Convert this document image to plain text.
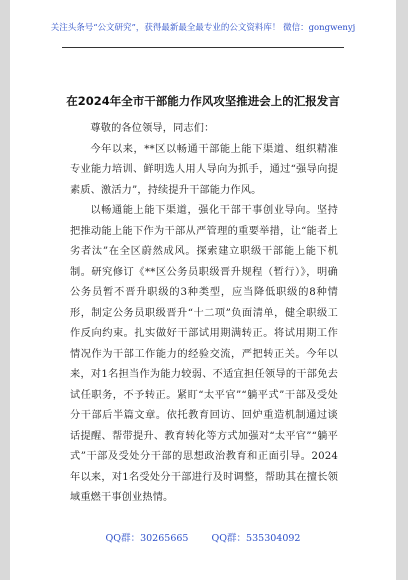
关注头条号“公文研究”，获得最新最全最专业的公文资料库！ 微信：gongwenyj
在2024年全市干部能力作风攻坚推进会上的汇报发言

尊敬的各位领导，同志们：

今年以来，**区以畅通干部能上能下渠道、组织精准专业能力培训、鲜明选人用人导向为抓手，通过“强导向提素质、激活力”，持续提升干部能力作风。

以畅通能上能下渠道，强化干部干事创业导向。坚持把推动能上能下作为干部从严管理的重要举措，让“能者上劣者汰”在全区蔚然成风。探索建立职级干部能上能下机制。研究修订《**区公务员职级晋升规程（暂行）》，明确公务员暂不晋升职级的3种类型，应当降低职级的8种情形，制定公务员职级晋升“十二项”负面清单，健全职级工作反向约束。扎实做好干部试用期满转正。将试用期工作情况作为干部工作能力的经验交流，严把转正关。今年以来，对1名担当作为能力较弱、不适宜担任领导的干部免去试任职务，不予转正。紧盯“太平官”“躺平式”干部及受处分干部后半篇文章。依托教育回访、回炉重造机制通过谈话提醒、帮带提升、教育转化等方式加强对“太平官”“躺平式”干部及受处分干部的思想政治教育和正面引导。2024年以来，对1名受处分干部进行及时调整，帮助其在擅长领域重燃干事创业热情。

QQ群：30265665 QQ群：535304092
